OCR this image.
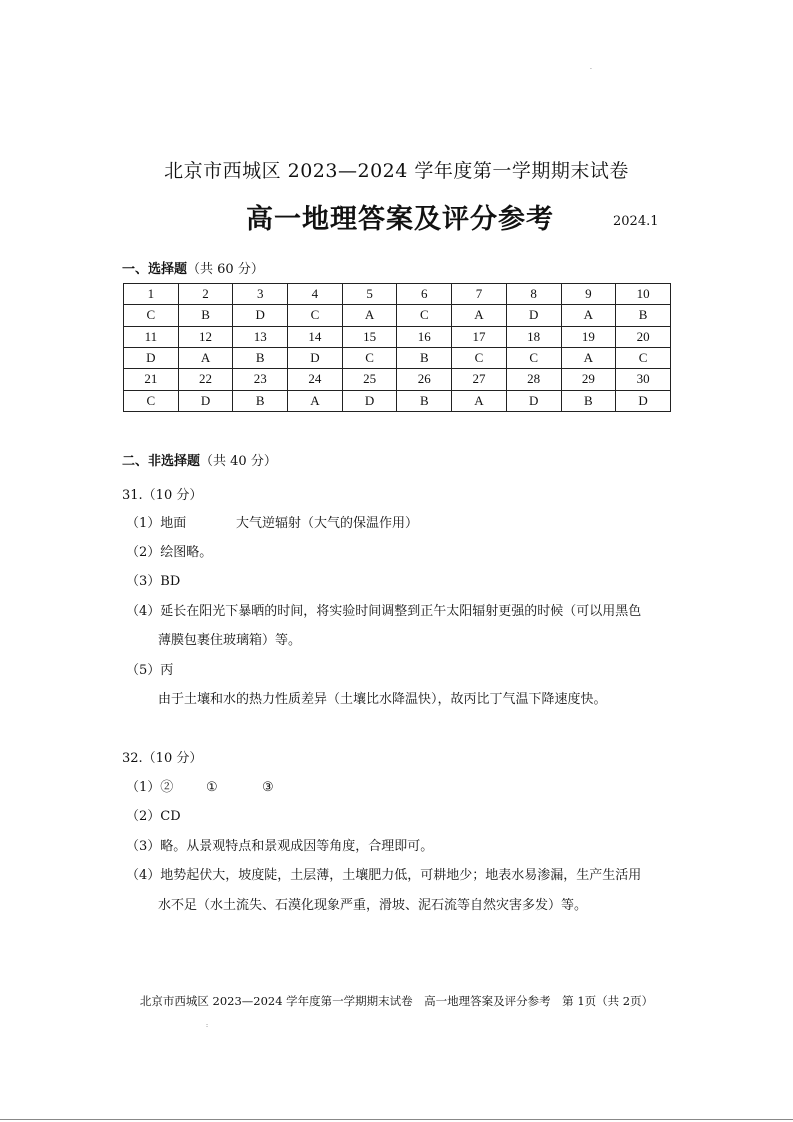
.
北京市西城区 2023—2024 学年度第一学期期末试卷
高一地理答案及评分参考	2024.1
一、选择题（共 60 分）
1	2	3	4	5	6	7	8	9	10
C	B	D	C	A	C	A	D	A	B
11	12	13	14	15	16	17	18	19	20
D	A	B	D	C	B	C	C	A	C
21	22	23	24	25	26	27	28	29	30
C	D	B	A	D	B	A	D	B	D
二、非选择题（共 40 分）
31.（10 分）
（1）地面	大气逆辐射（大气的保温作用）
（2）绘图略。
（3）BD
（4）延长在阳光下暴晒的时间，将实验时间调整到正午太阳辐射更强的时候（可以用黑色
薄膜包裹住玻璃箱）等。
（5）丙
由于土壤和水的热力性质差异（土壤比水降温快），故丙比丁气温下降速度快。
32.（10 分）
（1）②	①	③
（2）CD
（3）略。从景观特点和景观成因等角度，合理即可。
（4）地势起伏大，坡度陡，土层薄，土壤肥力低，可耕地少；地表水易渗漏，生产生活用
水不足（水土流失、石漠化现象严重，滑坡、泥石流等自然灾害多发）等。
北京市西城区 2023—2024 学年度第一学期期末试卷　高一地理答案及评分参考　第 1页（共 2页）
:
